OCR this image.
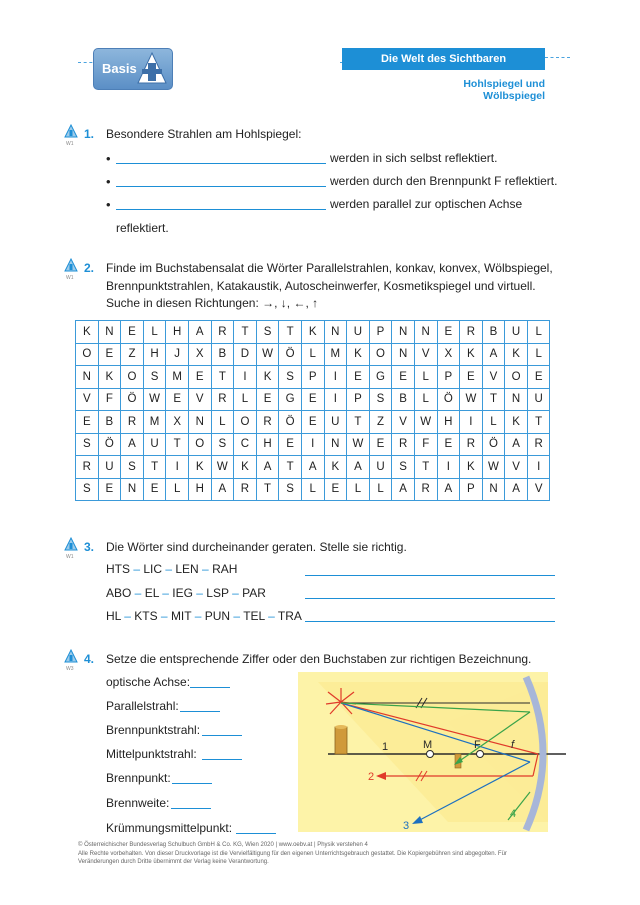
Basis
Die Welt des Sichtbaren
Hohlspiegel und Wölbspiegel
W1
1. Besondere Strahlen am Hohlspiegel:
•	werden in sich selbst reflektiert.
•	werden durch den Brennpunkt F reflektiert.
•	werden parallel zur optischen Achse
reflektiert.
W1
2. Finde im Buchstabensalat die Wörter Parallelstrahlen, konkav, konvex, Wölbspiegel,
Brennpunktstrahlen, Katakaustik, Autoscheinwerfer, Kosmetikspiegel und virtuell.
Suche in diesen Richtungen: →, ↓, ←, ↑
K	N	E	L	H	A	R	T	S	T	K	N	U	P	N	N	E	R	B	U	L
O	E	Z	H	J	X	B	D	W	Ö	L	M	K	O	N	V	X	K	A	K	L
N	K	O	S	M	E	T	I	K	S	P	I	E	G	E	L	P	E	V	O	E
V	F	Ö	W	E	V	R	L	E	G	E	I	P	S	B	L	Ö	W	T	N	U
E	B	R	M	X	N	L	O	R	Ö	E	U	T	Z	V	W	H	I	L	K	T
S	Ö	A	U	T	O	S	C	H	E	I	N	W	E	R	F	E	R	Ö	A	R
R	U	S	T	I	K	W	K	A	T	A	K	A	U	S	T	I	K	W	V	I
S	E	N	E	L	H	A	R	T	S	L	E	L	L	A	R	A	P	N	A	V
W1
3. Die Wörter sind durcheinander geraten. Stelle sie richtig.
HTS – LIC – LEN – RAH
ABO – EL – IEG – LSP – PAR
HL – KTS – MIT – PUN – TEL – TRA
W3
4. Setze die entsprechende Ziffer oder den Buchstaben zur richtigen Bezeichnung.
optische Achse:
Parallelstrahl:
Brennpunktstrahl:
Mittelpunktstrahl:
Brennpunkt:
Brennweite:
Krümmungsmittelpunkt:
M	F	f
1
2
3
4
© Österreichischer Bundesverlag Schulbuch GmbH & Co. KG, Wien 2020 | www.oebv.at | Physik verstehen 4
Alle Rechte vorbehalten. Von dieser Druckvorlage ist die Vervielfältigung für den eigenen Unterrichtsgebrauch gestattet. Die Kopiergebühren sind abgegolten. Für
Veränderungen durch Dritte übernimmt der Verlag keine Verantwortung.
